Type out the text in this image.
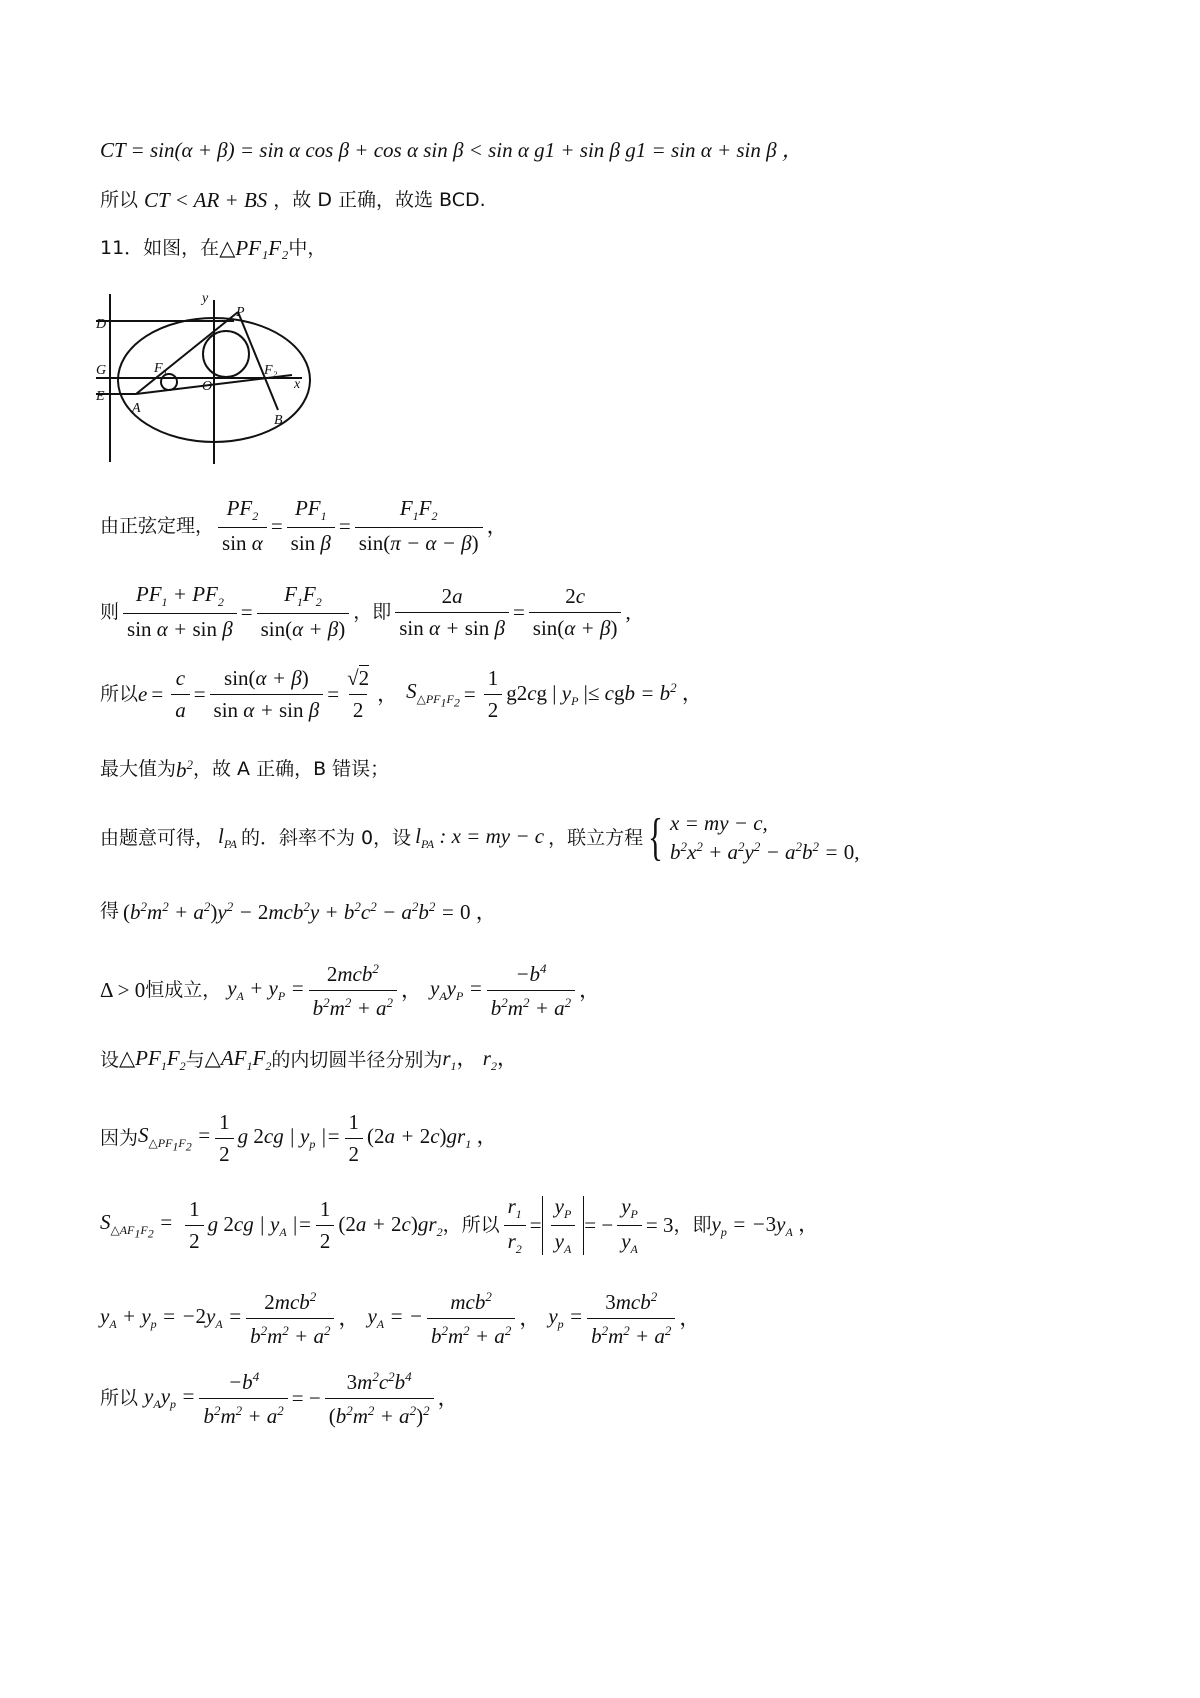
CT = sin(α + β) = sin α cos β + cos α sin β < sin α g1 + sin β g1 = sin α + sin β ，
所以 CT < AR + BS ，故 D 正确，故选 BCD.
11．如图，在 △PF₁F₂ 中，
y
P
D
G	F₁
O
F₂
x
E
A
B
由正弦定理， $\frac{PF_2}{\text{sin α}} = \frac{PF_1}{\text{sin β}} = \frac{F_1F_2}{\sin(\pi - \alpha - \beta)}$ ，
则 $\frac{PF_1 + PF_2}{\text{sin α + sin β}} = \frac{F_1F_2}{\sin(\alpha + \beta)}$ ，即 $\frac{2a}{\text{sin α + sin β}} = \frac{2c}{\sin(\alpha + \beta)}$ ,
所以 $e = \frac{c}{a} = \frac{\sin(\alpha + \beta)}{\text{sin α + sin β}} = \frac{√2}{2}$ ， $S_{\triangle PF_1F_2} = \frac{1}{2} g2cg$ | $y_P$ |≤ cgb = $b^2$ ，
最大值为 $b^2$ ，故 A 正确，B 错误；
由题意可得， $l_{PA}$ 的．斜率不为 0，设 $l_{PA}$ : x = my − c ，联立方程 { x = my − c,
$b^2x^2 + a^2y^2 - a^2b^2 = 0$,
得 $(b^2m^2 + a^2)y^2 - 2mcb^2y + b^2c^2 - a^2b^2 = 0$ ，
Δ > 0 恒成立， $y_A + y_P = \frac{2mcb^2}{b^2m^2 + a^2}$ ， $y_Ay_P = \frac{-b^4}{b^2m^2 + a^2}$ ，
设 $\triangle PF_1F_2$ 与 $\triangle AF_1F_2$ 的内切圆半径分别为 $r_1$， $r_2$，
因为 $S_{\triangle PF_1F_2} = \frac{1}{2}$ g 2cg | $y_p$ |= $\frac{1}{2} (2a + 2c)gr_1$ ，
$S_{\triangle AF_1F_2} = \frac{1}{2}$ g 2cg | $y_A$ |= $\frac{1}{2} (2a + 2c)gr_2$ ，所以 $\frac{r_1}{r_2} = \frac{y_P}{y_A}$ = − $\frac{y_P}{y_A} = 3$ ，即 $y_p = -3y_A$ ，
$y_A + y_p = -2y_A = \frac{2mcb^2}{b^2m^2 + a^2}$ ， $y_A$ = − $\frac{mcb^2}{b^2m^2 + a^2}$ ， $y_p = \frac{3mcb^2}{b^2m^2 + a^2}$ ，
所以 $y_Ay_p = \frac{-b^4}{b^2m^2 + a^2}$ = − $\frac{3m^2c^2b^4}{(b^2m^2 + a^2)^2}$ ，
